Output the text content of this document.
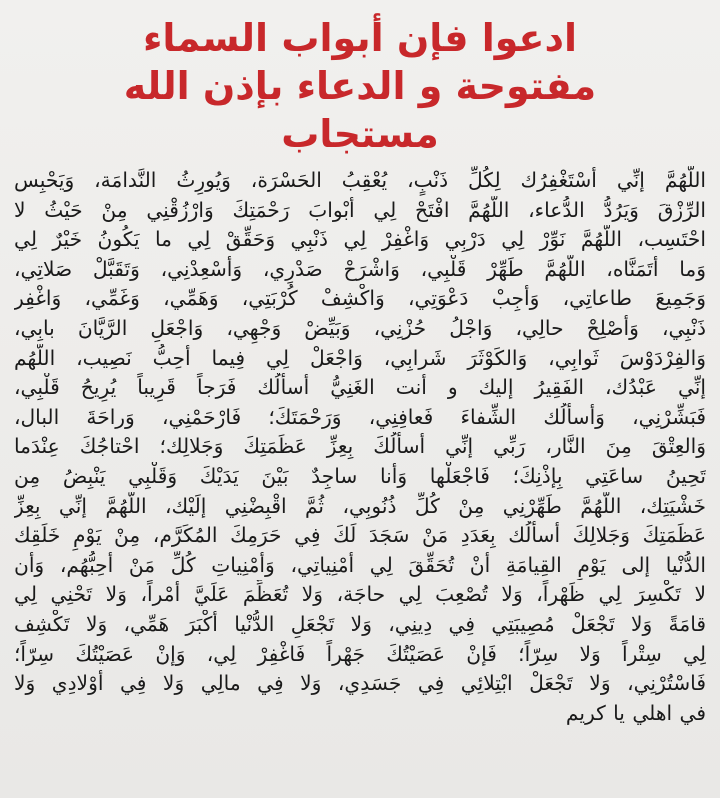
ادعوا فإن أبواب السماء
مفتوحة و الدعاء بإذن الله
مستجاب
اللَّهُمَّ إنِّي أسْتَغْفِرُك لِكُلِّ ذَنْبٍ، يُعْقِبُ الحَسْرَة، وَيُورِثُ النَّدامَة، وَيَحْبِس
الرِّزْقَ وَيَرُدُّ الدُّعاء، اللَّهُمَّ افْتَحْ لِي أبْوابَ رَحْمَتِكَ وَارْزُقْنِي مِنْ حَيْثُ لا
احْتَسِب، اللَّهُمَّ نَوِّرْ لِي دَرْبِي وَاغْفِرْ لِي ذَنْبِي وَحَقِّقْ لِي ما يَكُونُ خَيْرٌ لِي
وَما أتَمَنَّاه، اللَّهُمَّ طَهِّرْ قَلْبِي، وَاشْرَحْ صَدْرِي، وَأسْعِدْنِي، وَتَقَبَّلْ صَلاتِي،
وَجَمِيعَ طاعاتِي، وَأجِبْ دَعْوَتِي، وَاكْشِفْ كُرْبَتِي، وَهَمِّي، وَغَمِّي، وَاغْفِر
ذَنْبِي، وَأصْلِحْ حالِي، وَاجْلُ حُزْنِي، وَبَيِّضْ وَجْهِي، وَاجْعَلِ الرَّيَّانَ بابِي،
وَالفِرْدَوْسَ ثَوابِي، وَالكَوْثَرَ شَرابِي، وَاجْعَلْ لِي فِيما أُحِبُّ نَصِيب، اللَّهُم
إنِّي عَبْدُك، الفَقِيرُ إليك و أنت الغَنِيُّ أسألُك فَرَجاً قَرِيباً يُرِيحُ قَلْبِي،
فَبَشِّرْنِي، وَأسألُك الشِّفاءَ فَعافِنِي، وَرَحْمَتَكَ؛ فَارْحَمْنِي، وَراحَةَ البال،
وَالعِتْقَ مِنَ النَّار، رَبِّي إنِّي أسألُكَ بِعِزِّ عَظَمَتِكَ وَجَلالِك؛ احْتاجُكَ عِنْدَما
تَحِينُ ساعَتِي بِإذْنِكَ؛ فَاجْعَلْها وَأنا ساجِدٌ بَيْنَ يَدَيْكَ وَقَلْبِي يَنْبِضُ مِن
خَشْيَتِك، اللَّهُمَّ طَهِّرْنِي مِنْ كُلِّ ذُنُوبِي، ثُمَّ اقْبِضْنِي إلَيْك، اللَّهُمَّ إنِّي بِعِزِّ
عَظَمَتِكَ وَجَلالِكَ أسألُك بِعَدَدِ مَنْ سَجَدَ لَكَ فِي حَرَمِكَ المُكَرَّم، مِنْ يَوْمِ خَلَقِك
الدُّنْيا إلى يَوْمِ القِيامَةِ أنْ تُحَقِّقَ لِي أُمْنِياتِي، وَأُمْنِياتِ كُلِّ مَنْ أُحِبُّهُم، وَأن
لا تَكْسِرَ لِي ظَهْراً، وَلا تُصْعِبَ لِي حاجَة، وَلا تُعَظِّمَ عَلَيَّ أمْراً، وَلا تَحْنِي لِي
قامَةً وَلا تَجْعَلْ مُصِيبَتِي فِي دِينِي، وَلا تَجْعَلِ الدُّنْيا أكْبَرَ هَمِّي، وَلا تَكْشِف
لِي سِتْراً وَلا سِرّاً؛ فَإنْ عَصَيْتُكَ جَهْراً فَاغْفِرْ لِي، وَإنْ عَصَيْتُكَ سِرّاً؛
فَاسْتُرْنِي، وَلا تَجْعَلْ ابْتِلائِي فِي جَسَدِي، وَلا فِي مالِي وَلا فِي أوْلادِي وَلا
في اهلي يا كريم
